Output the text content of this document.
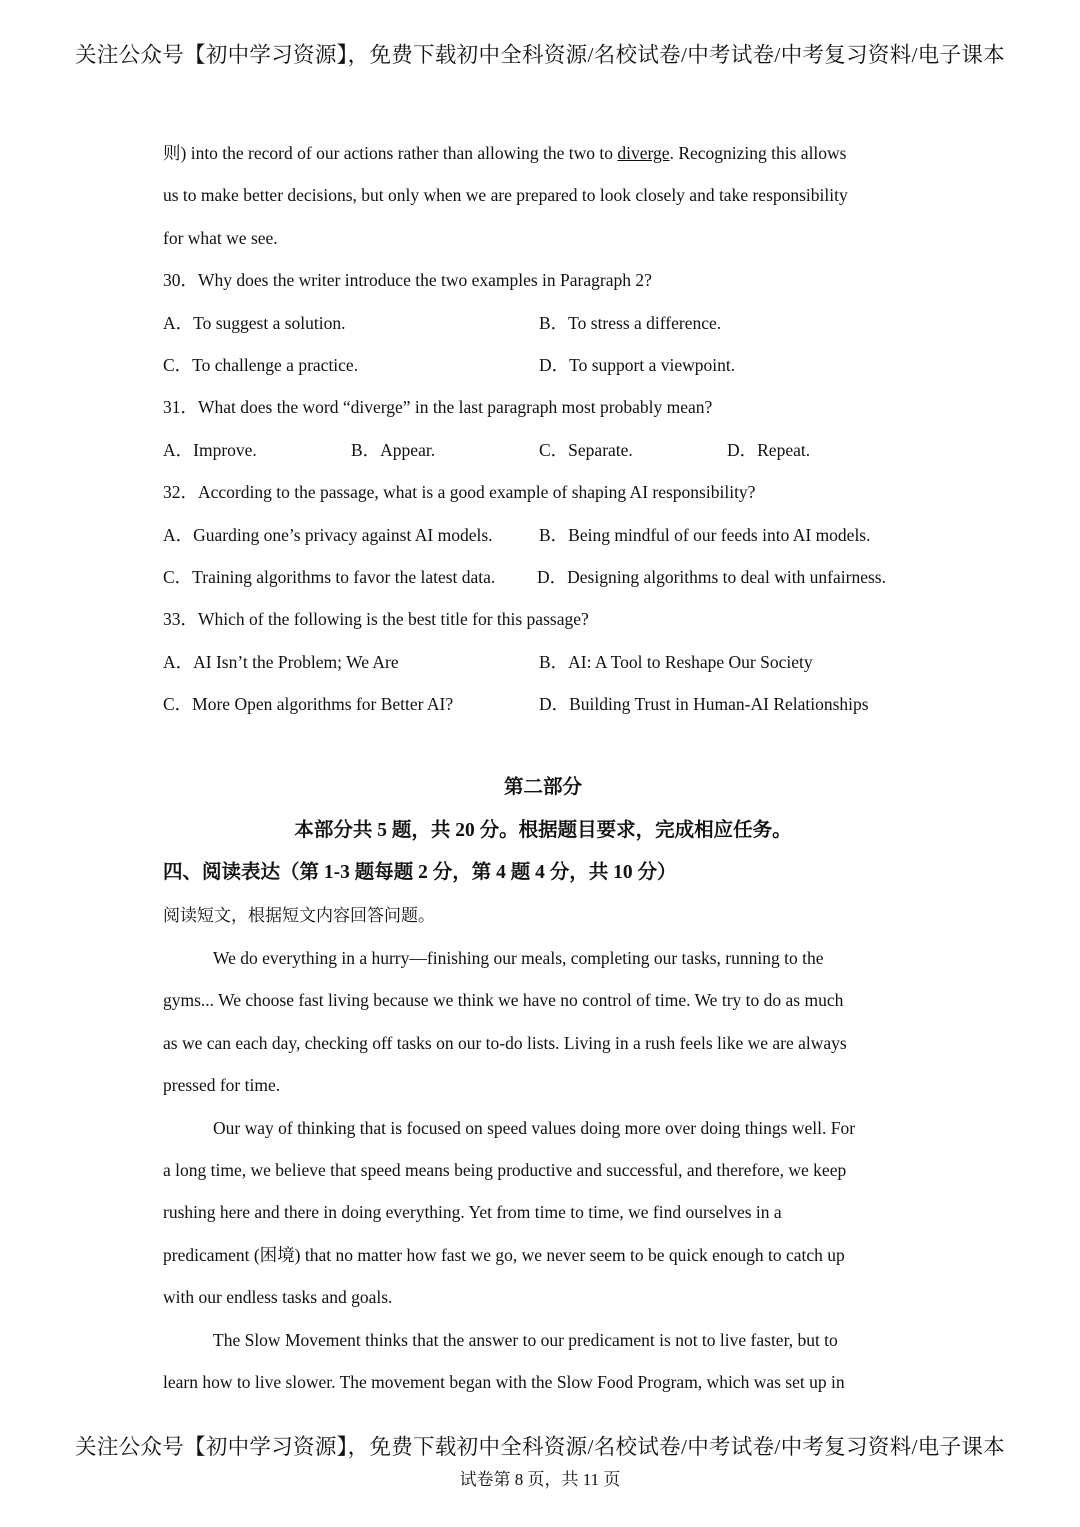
关注公众号【初中学习资源】，免费下载初中全科资源/名校试卷/中考试卷/中考复习资料/电子课本
则) into the record of our actions rather than allowing the two to diverge. Recognizing this allows
us to make better decisions, but only when we are prepared to look closely and take responsibility
for what we see.
30．Why does the writer introduce the two examples in Paragraph 2?
A．To suggest a solution.	B．To stress a difference.
C．To challenge a practice.	D．To support a viewpoint.
31．What does the word “diverge” in the last paragraph most probably mean?
A．Improve.	B．Appear.	C．Separate.	D．Repeat.
32．According to the passage, what is a good example of shaping AI responsibility?
A．Guarding one’s privacy against AI models.	B．Being mindful of our feeds into AI models.
C．Training algorithms to favor the latest data. D．Designing algorithms to deal with unfairness.
33．Which of the following is the best title for this passage?
A．AI Isn’t the Problem; We Are	B．AI: A Tool to Reshape Our Society
C．More Open algorithms for Better AI?	D．Building Trust in Human-AI Relationships
第二部分
本部分共 5 题，共 20 分。根据题目要求，完成相应任务。
四、阅读表达（第 1-3 题每题 2 分，第 4 题 4 分，共 10 分）
阅读短文，根据短文内容回答问题。
We do everything in a hurry—finishing our meals, completing our tasks, running to the
gyms... We choose fast living because we think we have no control of time. We try to do as much
as we can each day, checking off tasks on our to-do lists. Living in a rush feels like we are always
pressed for time.
Our way of thinking that is focused on speed values doing more over doing things well. For
a long time, we believe that speed means being productive and successful, and therefore, we keep
rushing here and there in doing everything. Yet from time to time, we find ourselves in a
predicament (困境) that no matter how fast we go, we never seem to be quick enough to catch up
with our endless tasks and goals.
The Slow Movement thinks that the answer to our predicament is not to live faster, but to
learn how to live slower. The movement began with the Slow Food Program, which was set up in
关注公众号【初中学习资源】，免费下载初中全科资源/名校试卷/中考试卷/中考复习资料/电子课本
试卷第 8 页，共 11 页
